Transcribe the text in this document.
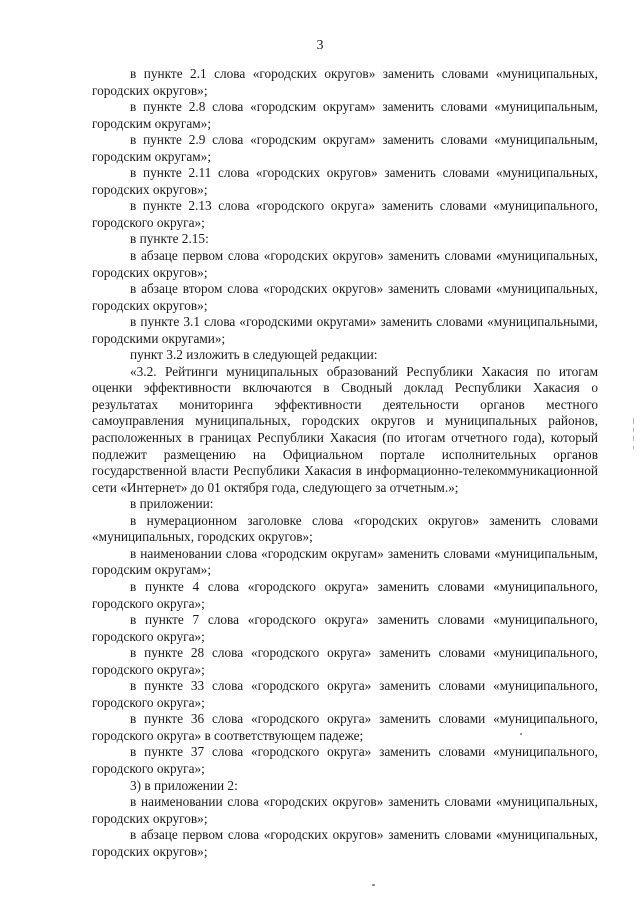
3

в пункте 2.1 слова «городских округов» заменить словами «муниципальных, городских округов»;

в пункте 2.8 слова «городским округам» заменить словами «муниципальным, городским округам»;

в пункте 2.9 слова «городским округам» заменить словами «муниципальным, городским округам»;

в пункте 2.11 слова «городских округов» заменить словами «муниципальных, городских округов»;

в пункте 2.13 слова «городского округа» заменить словами «муниципального, городского округа»;

в пункте 2.15:

в абзаце первом слова «городских округов» заменить словами «муниципальных, городских округов»;

в абзаце втором слова «городских округов» заменить словами «муниципальных, городских округов»;

в пункте 3.1 слова «городскими округами» заменить словами «муниципальными, городскими округами»;

пункт 3.2 изложить в следующей редакции:

«3.2. Рейтинги муниципальных образований Республики Хакасия по итогам оценки эффективности включаются в Сводный доклад Республики Хакасия о результатах мониторинга эффективности деятельности органов местного самоуправления муниципальных, городских округов и муниципальных районов, расположенных в границах Республики Хакасия (по итогам отчетного года), который подлежит размещению на Официальном портале исполнительных органов государственной власти Республики Хакасия в информационно-телекоммуникационной сети «Интернет» до 01 октября года, следующего за отчетным.»;

в приложении:

в нумерационном заголовке слова «городских округов» заменить словами «муниципальных, городских округов»;

в наименовании слова «городским округам» заменить словами «муниципальным, городским округам»;

в пункте 4 слова «городского округа» заменить словами «муниципального, городского округа»;

в пункте 7 слова «городского округа» заменить словами «муниципального, городского округа»;

в пункте 28 слова «городского округа» заменить словами «муниципального, городского округа»;

в пункте 33 слова «городского округа» заменить словами «муниципального, городского округа»;

в пункте 36 слова «городского округа» заменить словами «муниципального, городского округа» в соответствующем падеже;

в пункте 37 слова «городского округа» заменить словами «муниципального, городского округа»;

3) в приложении 2:

в наименовании слова «городских округов» заменить словами «муниципальных, городских округов»;

в абзаце первом слова «городских округов» заменить словами «муниципальных, городских округов»;
